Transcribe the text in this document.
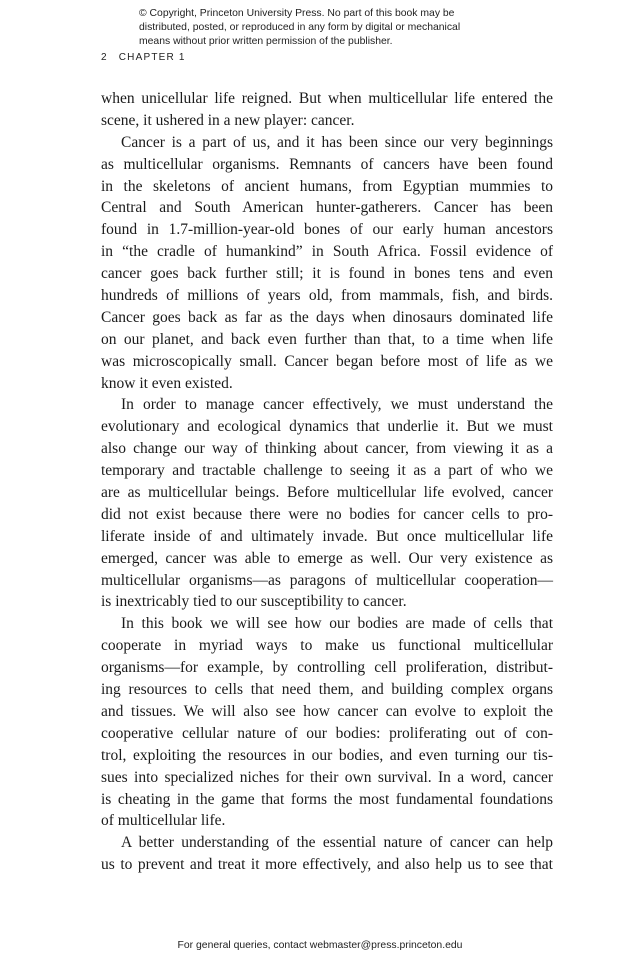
© Copyright, Princeton University Press. No part of this book may be
distributed, posted, or reproduced in any form by digital or mechanical
means without prior written permission of the publisher.
2 CHAPTER 1
when unicellular life reigned. But when multicellular life entered the
scene, it ushered in a new player: cancer.
Cancer is a part of us, and it has been since our very beginnings
as multicellular organisms. Remnants of cancers have been found
in the skeletons of ancient humans, from Egyptian mummies to
Central and South American hunter-gatherers. Cancer has been
found in 1.7-million-year-old bones of our early human ancestors
in “the cradle of humankind” in South Africa. Fossil evidence of
cancer goes back further still; it is found in bones tens and even
hundreds of millions of years old, from mammals, fish, and birds.
Cancer goes back as far as the days when dinosaurs dominated life
on our planet, and back even further than that, to a time when life
was microscopically small. Cancer began before most of life as we
know it even existed.
In order to manage cancer effectively, we must understand the
evolutionary and ecological dynamics that underlie it. But we must
also change our way of thinking about cancer, from viewing it as a
temporary and tractable challenge to seeing it as a part of who we
are as multicellular beings. Before multicellular life evolved, cancer
did not exist because there were no bodies for cancer cells to pro-
liferate inside of and ultimately invade. But once multicellular life
emerged, cancer was able to emerge as well. Our very existence as
multicellular organisms—as paragons of multicellular cooperation—
is inextricably tied to our susceptibility to cancer.
In this book we will see how our bodies are made of cells that
cooperate in myriad ways to make us functional multicellular
organisms—for example, by controlling cell proliferation, distribut-
ing resources to cells that need them, and building complex organs
and tissues. We will also see how cancer can evolve to exploit the
cooperative cellular nature of our bodies: proliferating out of con-
trol, exploiting the resources in our bodies, and even turning our tis-
sues into specialized niches for their own survival. In a word, cancer
is cheating in the game that forms the most fundamental foundations
of multicellular life.
A better understanding of the essential nature of cancer can help
us to prevent and treat it more effectively, and also help us to see that
For general queries, contact webmaster@press.princeton.edu
